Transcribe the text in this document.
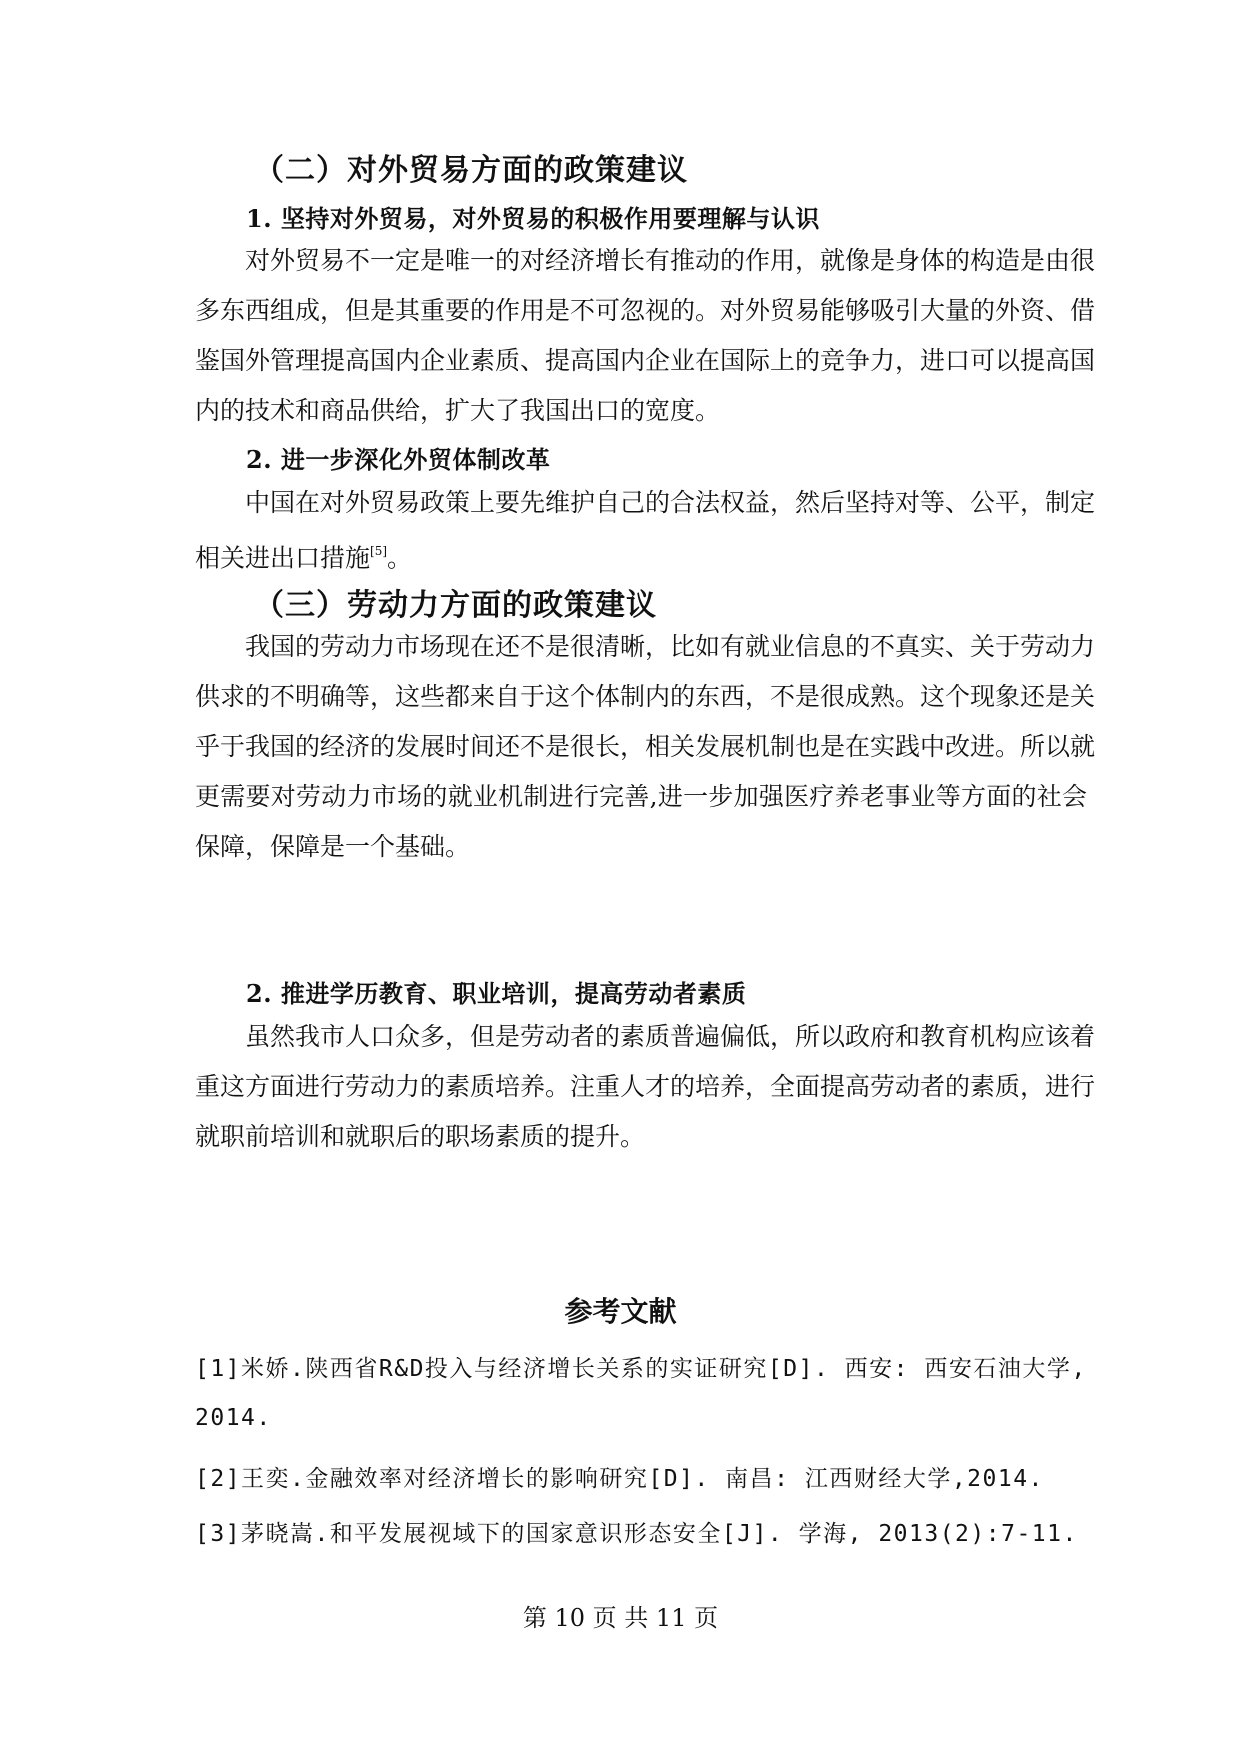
（二）对外贸易方面的政策建议
1. 坚持对外贸易，对外贸易的积极作用要理解与认识

对外贸易不一定是唯一的对经济增长有推动的作用，就像是身体的构造是由很
多东西组成，但是其重要的作用是不可忽视的。对外贸易能够吸引大量的外资、借
鉴国外管理提高国内企业素质、提高国内企业在国际上的竞争力，进口可以提高国
内的技术和商品供给，扩大了我国出口的宽度。

2. 进一步深化外贸体制改革

中国在对外贸易政策上要先维护自己的合法权益，然后坚持对等、公平，制定
相关进出口措施[5]。

（三）劳动力方面的政策建议

我国的劳动力市场现在还不是很清晰，比如有就业信息的不真实、关于劳动力
供求的不明确等，这些都来自于这个体制内的东西，不是很成熟。这个现象还是关
乎于我国的经济的发展时间还不是很长，相关发展机制也是在实践中改进。所以就
更需要对劳动力市场的就业机制进行完善,进一步加强医疗养老事业等方面的社会
保障，保障是一个基础。

2. 推进学历教育、职业培训，提高劳动者素质

虽然我市人口众多，但是劳动者的素质普遍偏低，所以政府和教育机构应该着
重这方面进行劳动力的素质培养。注重人才的培养，全面提高劳动者的素质，进行
就职前培训和就职后的职场素质的提升。

参考文献
[1]米娇.陕西省R&D投入与经济增长关系的实证研究[D]. 西安: 西安石油大学,
2014.
[2]王奕.金融效率对经济增长的影响研究[D]. 南昌: 江西财经大学,2014.
[3]茅晓嵩.和平发展视域下的国家意识形态安全[J]. 学海, 2013(2):7-11.
第 10 页 共 11 页
